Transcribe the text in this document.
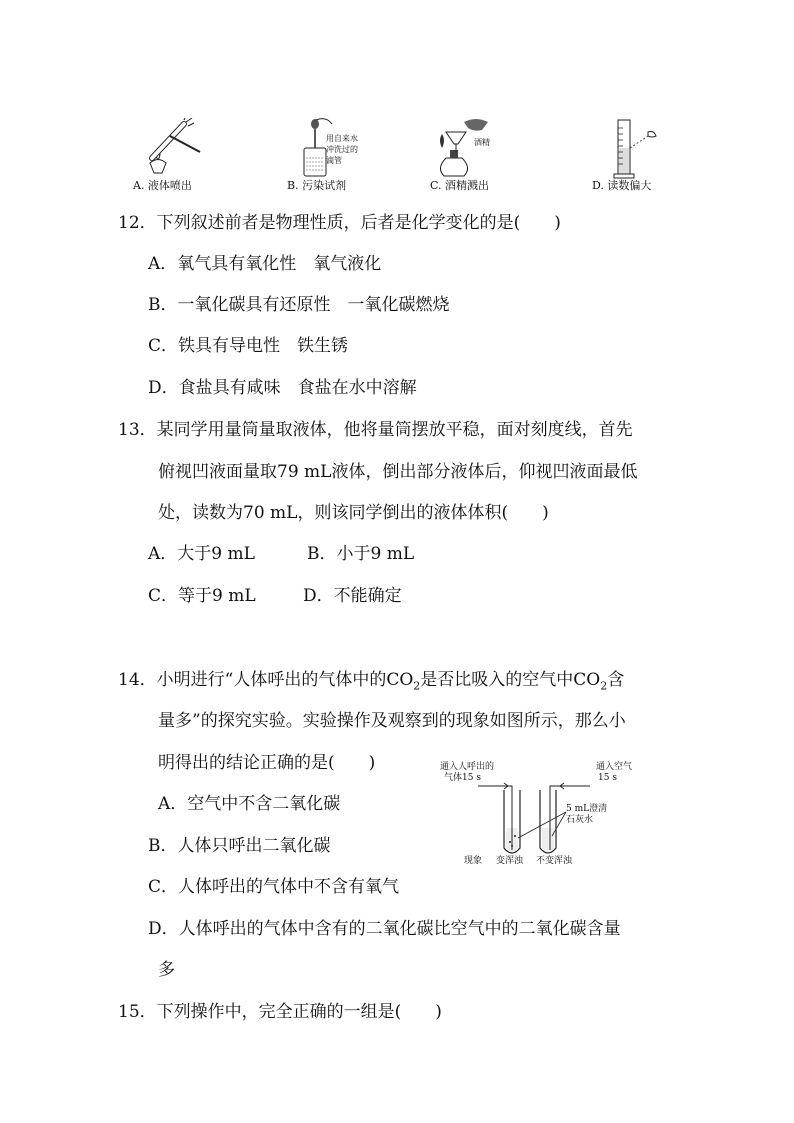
A. 液体喷出
用自来水
冲洗过的
滴管
B. 污染试剂
酒精
C. 酒精溅出	D. 读数偏大
12．下列叙述前者是物理性质，后者是化学变化的是(　　)
A．氧气具有氧化性　氧气液化
B．一氧化碳具有还原性　一氧化碳燃烧
C．铁具有导电性　铁生锈
D．食盐具有咸味　食盐在水中溶解
13．某同学用量筒量取液体，他将量筒摆放平稳，面对刻度线，首先
俯视凹液面量取79 mL液体，倒出部分液体后，仰视凹液面最低
处，读数为70 mL，则该同学倒出的液体体积(　　)
A．大于9 mL	B．小于9 mL
C．等于9 mL	D．不能确定
14．小明进行“人体呼出的气体中的$CO_2$是否比吸入的空气中$CO_2$含
量多”的探究实验。实验操作及观察到的现象如图所示，那么小
明得出的结论正确的是(　　)
A．空气中不含二氧化碳
B．人体只呼出二氧化碳
C．人体呼出的气体中不含有氧气
D．人体呼出的气体中含有的二氧化碳比空气中的二氧化碳含量
多
通入人呼出的
气体15 s
通入空气
15 s
5 mL澄清
石灰水
现象 变浑浊 不变浑浊
15．下列操作中，完全正确的一组是(　　)
